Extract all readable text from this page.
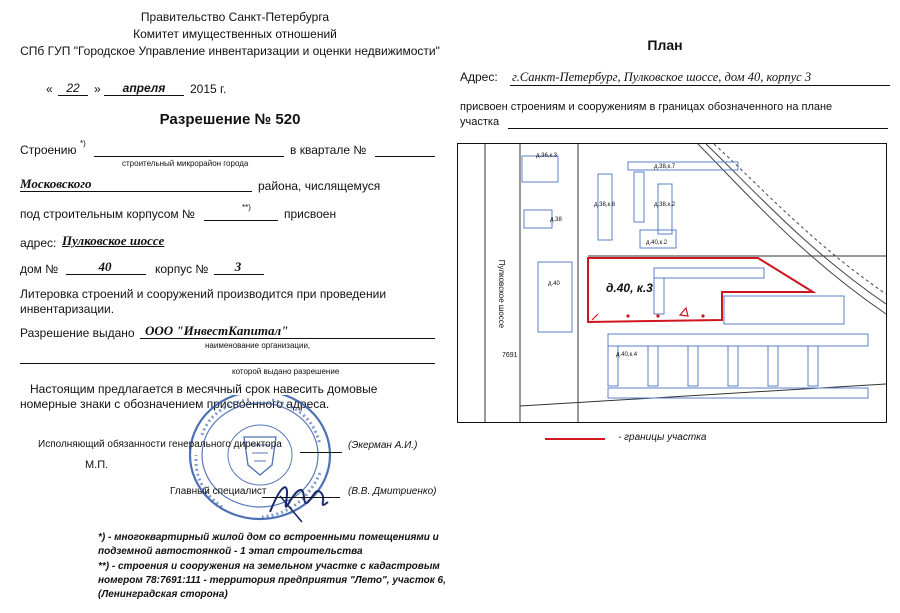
Правительство Санкт-Петербурга
Комитет имущественных отношений
СПб ГУП "Городское Управление инвентаризации и оценки недвижимости"
«	22	»	апреля	2015 г.
Разрешение № 520
Строению *)	в квартале №
строительный микрорайон города
Московского	района, числящемуся
под строительным корпусом №	**)	присвоен
адрес: Пулковское шоссе
дом №	40	корпус №	3
Литеровка строений и сооружений производится при проведении
инвентаризации.
Разрешение выдано ООО "ИнвестКапитал"
наименование организации,
которой выдано разрешение
Настоящим предлагается в месячный срок навесить домовые
номерные знаки с обозначением присвоенного адреса.
Исполняющий обязанности генерального директора	(Экерман А.И.)
М.П.
Главный специалист	(В.В. Дмитриенко)
*) - многоквартирный жилой дом со встроенными помещениями и
подземной автостоянкой - 1 этап строительства
**) - строения и сооружения на земельном участке с кадастровым
номером 78:7691:111 - территория предприятия "Лето", участок 6,
(Ленинградская сторона)
План
Адрес: г.Санкт-Петербург, Пулковское шоссе, дом 40, корпус 3
присвоен строениям и сооружениям в границах обозначенного на плане
участка
Пулковское шоссе
7691
д.40, к.3
д.36,к.3
д.38,к.7
д.38,к.6	д.38,к.2
д.38
д.40,к.2
д.40
д.40,к.4
- границы участка
